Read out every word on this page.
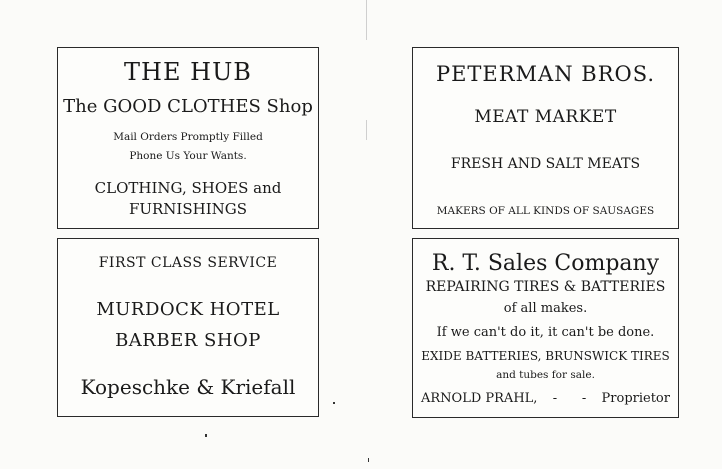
THE HUB
The GOOD CLOTHES Shop
Mail Orders Promptly Filled
Phone Us Your Wants.
CLOTHING, SHOES and
FURNISHINGS
FIRST CLASS SERVICE
MURDOCK HOTEL
BARBER SHOP
Kopeschke & Kriefall
PETERMAN BROS.
MEAT MARKET
FRESH AND SALT MEATS
MAKERS OF ALL KINDS OF SAUSAGES
R. T. Sales Company
REPAIRING TIRES & BATTERIES
of all makes.
If we can't do it, it can't be done.
EXIDE BATTERIES, BRUNSWICK TIRES
and tubes for sale.
ARNOLD PRAHL, -      - Proprietor
